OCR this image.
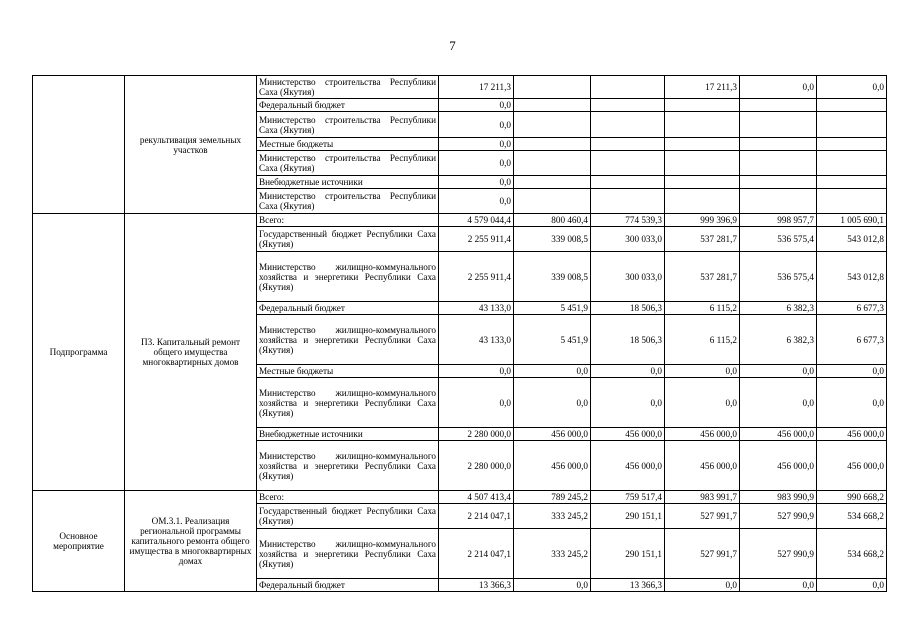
7
	рекультивация земельных участков	Министерство строительства Республики Саха (Якутия)	17 211,3			17 211,3	0,0	0,0
		Федеральный бюджет	0,0					
		Министерство строительства Республики Саха (Якутия)	0,0					
		Местные бюджеты	0,0					
		Министерство строительства Республики Саха (Якутия)	0,0					
		Внебюджетные источники	0,0					
		Министерство строительства Республики Саха (Якутия)	0,0					
Подпрограмма	П3. Капитальный ремонт общего имущества многоквартирных домов	Всего:	4 579 044,4	800 460,4	774 539,3	999 396,9	998 957,7	1 005 690,1
		Государственный бюджет Республики Саха (Якутия)	2 255 911,4	339 008,5	300 033,0	537 281,7	536 575,4	543 012,8
		Министерство жилищно-коммунального хозяйства и энергетики Республики Саха (Якутия)	2 255 911,4	339 008,5	300 033,0	537 281,7	536 575,4	543 012,8
		Федеральный бюджет	43 133,0	5 451,9	18 506,3	6 115,2	6 382,3	6 677,3
		Министерство жилищно-коммунального хозяйства и энергетики Республики Саха (Якутия)	43 133,0	5 451,9	18 506,3	6 115,2	6 382,3	6 677,3
		Местные бюджеты	0,0	0,0	0,0	0,0	0,0	0,0
		Министерство жилищно-коммунального хозяйства и энергетики Республики Саха (Якутия)	0,0	0,0	0,0	0,0	0,0	0,0
		Внебюджетные источники	2 280 000,0	456 000,0	456 000,0	456 000,0	456 000,0	456 000,0
		Министерство жилищно-коммунального хозяйства и энергетики Республики Саха (Якутия)	2 280 000,0	456 000,0	456 000,0	456 000,0	456 000,0	456 000,0
Основное мероприятие	ОМ.3.1. Реализация региональной программы капитального ремонта общего имущества в многоквартирных домах	Всего:	4 507 413,4	789 245,2	759 517,4	983 991,7	983 990,9	990 668,2
		Государственный бюджет Республики Саха (Якутия)	2 214 047,1	333 245,2	290 151,1	527 991,7	527 990,9	534 668,2
		Министерство жилищно-коммунального хозяйства и энергетики Республики Саха (Якутия)	2 214 047,1	333 245,2	290 151,1	527 991,7	527 990,9	534 668,2
		Федеральный бюджет	13 366,3	0,0	13 366,3	0,0	0,0	0,0
